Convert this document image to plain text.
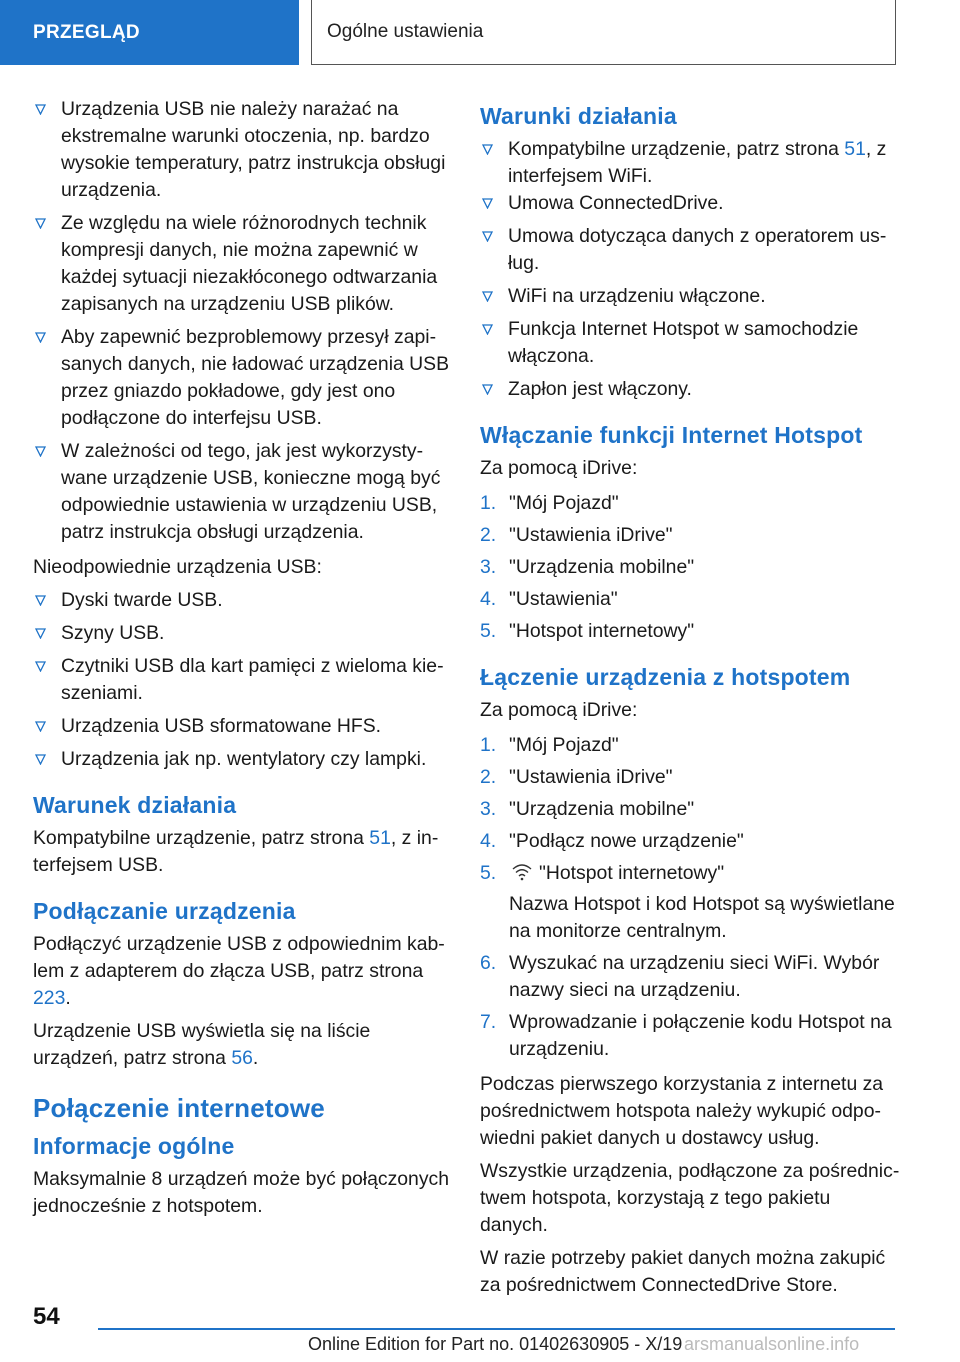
PRZEGLĄD	Ogólne ustawienia
Urządzenia USB nie należy narażać na ekstremalne warunki otoczenia, np. bardzo wysokie temperatury, patrz instrukcja obsługi urządzenia.
Ze względu na wiele różnorodnych technik kompresji danych, nie można zapewnić w każdej sytuacji niezakłóconego odtwarzania zapisanych na urządzeniu USB plików.
Aby zapewnić bezproblemowy przesył zapisanych danych, nie ładować urządzenia USB przez gniazdo pokładowe, gdy jest ono podłączone do interfejsu USB.
W zależności od tego, jak jest wykorzystywane urządzenie USB, konieczne mogą być odpowiednie ustawienia w urządzeniu USB, patrz instrukcja obsługi urządzenia.

Nieodpowiednie urządzenia USB:

Dyski twarde USB.
Szyny USB.
Czytniki USB dla kart pamięci z wieloma kieszeniami.
Urządzenia USB sformatowane HFS.
Urządzenia jak np. wentylatory czy lampki.
Warunek działania

Kompatybilne urządzenie, patrz strona 51, z interfejsem USB.

Podłączanie urządzenia

Podłączyć urządzenie USB z odpowiednim kablem z adapterem do złącza USB, patrz strona 223.

Urządzenie USB wyświetla się na liście urządzeń, patrz strona 56.

Połączenie internetowe
Informacje ogólne

Maksymalnie 8 urządzeń może być połączonych jednocześnie z hotspotem.

Warunki działania
Kompatybilne urządzenie, patrz strona 51, z interfejsem WiFi.
Umowa ConnectedDrive.
Umowa dotycząca danych z operatorem usług.
WiFi na urządzeniu włączone.
Funkcja Internet Hotspot w samochodzie włączona.
Zapłon jest włączony.
Włączanie funkcji Internet Hotspot

Za pomocą iDrive:

1. "Mój Pojazd"
2. "Ustawienia iDrive"
3. "Urządzenia mobilne"
4. "Ustawienia"
5. "Hotspot internetowy"
Łączenie urządzenia z hotspotem

Za pomocą iDrive:

1. "Mój Pojazd"
2. "Ustawienia iDrive"
3. "Urządzenia mobilne"
4. "Podłącz nowe urządzenie"
5. "Hotspot internetowy"
Nazwa Hotspot i kod Hotspot są wyświetlane na monitorze centralnym.
6. Wyszukać na urządzeniu sieci WiFi. Wybór nazwy sieci na urządzeniu.
7. Wprowadzanie i połączenie kodu Hotspot na urządzeniu.

Podczas pierwszego korzystania z internetu za pośrednictwem hotspota należy wykupić odpowiedni pakiet danych u dostawcy usług.

Wszystkie urządzenia, podłączone za pośrednictwem hotspota, korzystają z tego pakietu danych.

W razie potrzeby pakiet danych można zakupić za pośrednictwem ConnectedDrive Store.

54
Online Edition for Part no. 01402630905 - X/19 arsmanualsonline.info
